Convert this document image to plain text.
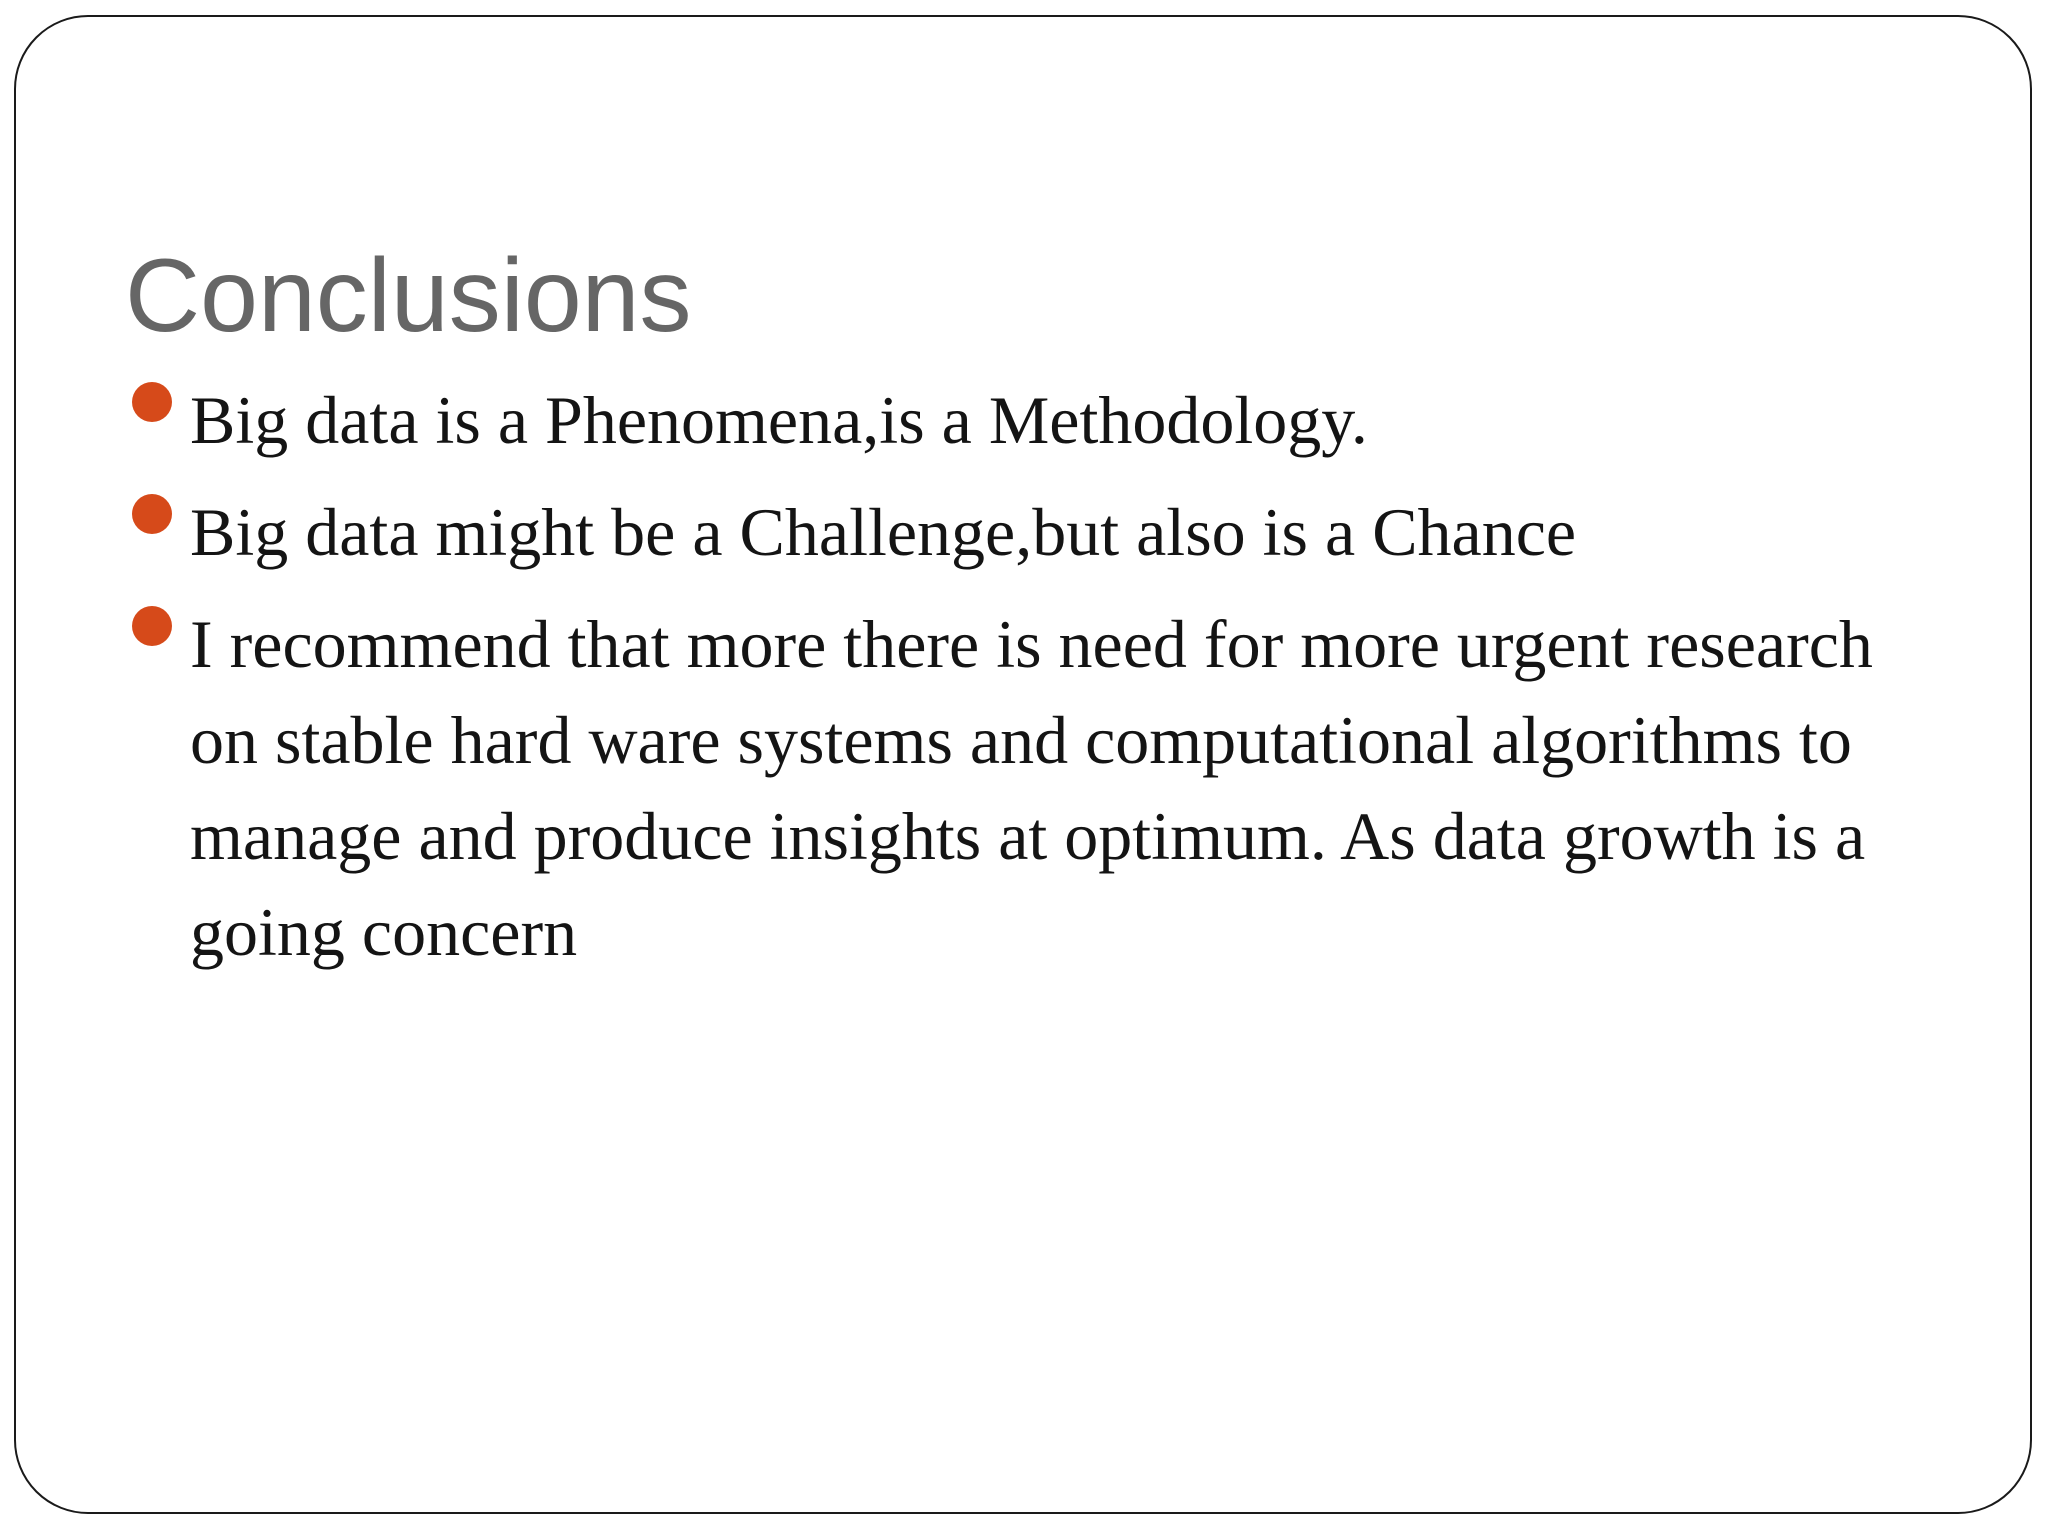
Conclusions
Big data is a Phenomena,is a Methodology.
Big data might be a Challenge,but also is a Chance
I recommend that more there is need for more urgent research on stable hard ware systems and computational algorithms to manage and produce insights at optimum. As data growth is a going concern
